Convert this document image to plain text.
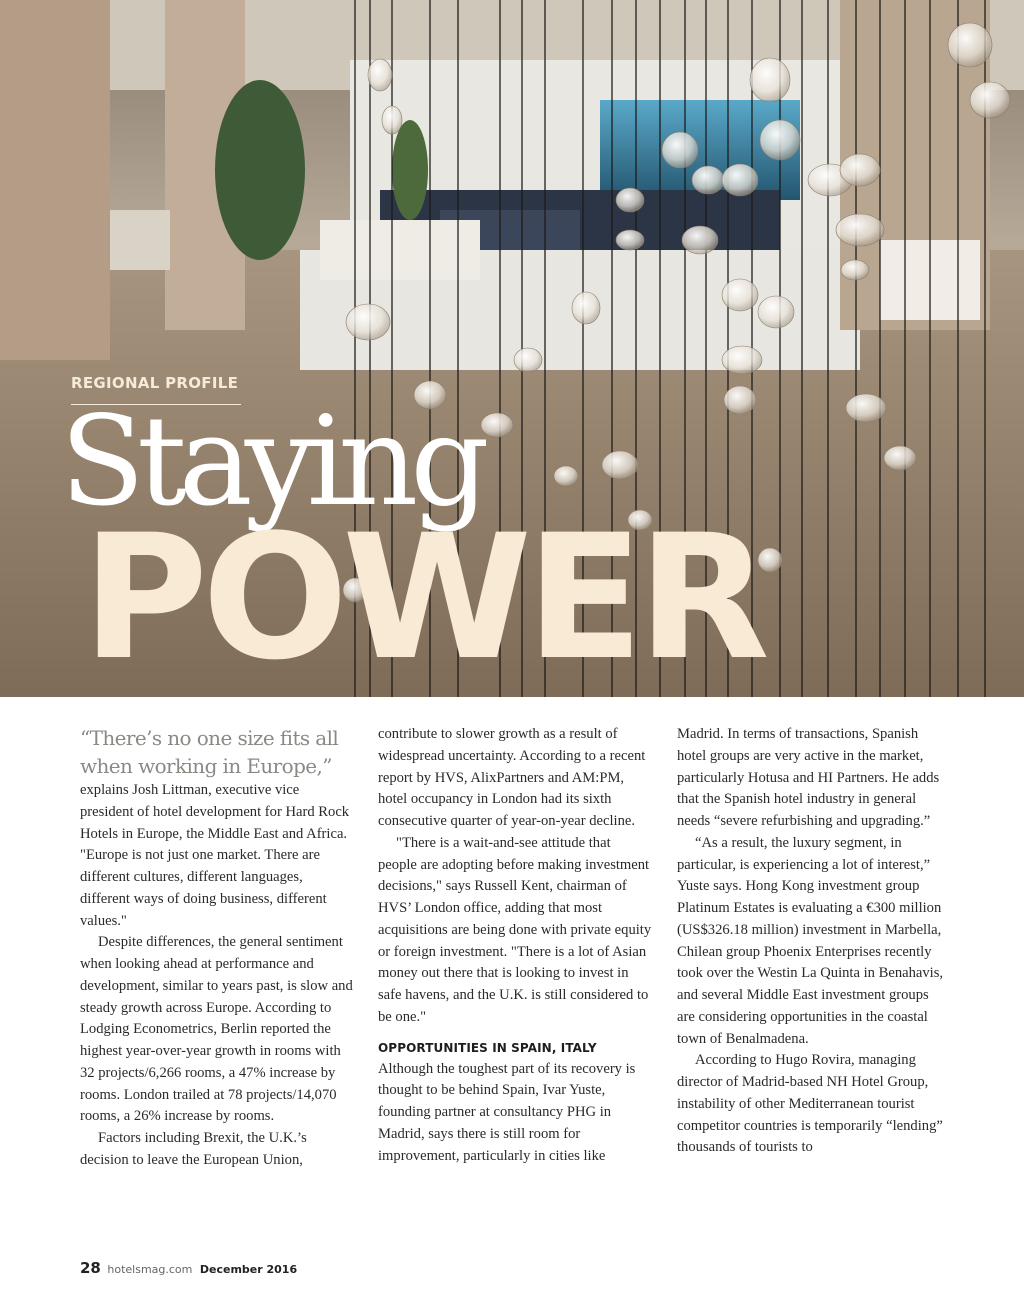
REGIONAL PROFILE
Staying
POWER

“There’s no one size fits all when working in Europe,”

explains Josh Littman, executive vice president of hotel development for Hard Rock Hotels in Europe, the Middle East and Africa. "Europe is not just one market. There are different cultures, different languages, different ways of doing business, different values."

Despite differences, the general sentiment when looking ahead at performance and development, similar to years past, is slow and steady growth across Europe. According to Lodging Econometrics, Berlin reported the highest year-over-year growth in rooms with 32 projects/6,266 rooms, a 47% increase by rooms. London trailed at 78 projects/14,070 rooms, a 26% increase by rooms.

Factors including Brexit, the U.K.’s decision to leave the European Union,

contribute to slower growth as a result of widespread uncertainty. According to a recent report by HVS, AlixPartners and AM:PM, hotel occupancy in London had its sixth consecutive quarter of year-on-year decline.

"There is a wait-and-see attitude that people are adopting before making investment decisions," says Russell Kent, chairman of HVS’ London office, adding that most acquisitions are being done with private equity or foreign investment. "There is a lot of Asian money out there that is looking to invest in safe havens, and the U.K. is still considered to be one."

OPPORTUNITIES IN SPAIN, ITALY

Although the toughest part of its recovery is thought to be behind Spain, Ivar Yuste, founding partner at consultancy PHG in Madrid, says there is still room for improvement, particularly in cities like

Madrid. In terms of transactions, Spanish hotel groups are very active in the market, particularly Hotusa and HI Partners. He adds that the Spanish hotel industry in general needs “severe refurbishing and upgrading.”

“As a result, the luxury segment, in particular, is experiencing a lot of interest,” Yuste says. Hong Kong investment group Platinum Estates is evaluating a €300 million (US$326.18 million) investment in Marbella, Chilean group Phoenix Enterprises recently took over the Westin La Quinta in Benahavis, and several Middle East investment groups are considering opportunities in the coastal town of Benalmadena.

According to Hugo Rovira, managing director of Madrid-based NH Hotel Group, instability of other Mediterranean tourist competitor countries is temporarily “lending” thousands of tourists to

28 hotelsmag.com December 2016
